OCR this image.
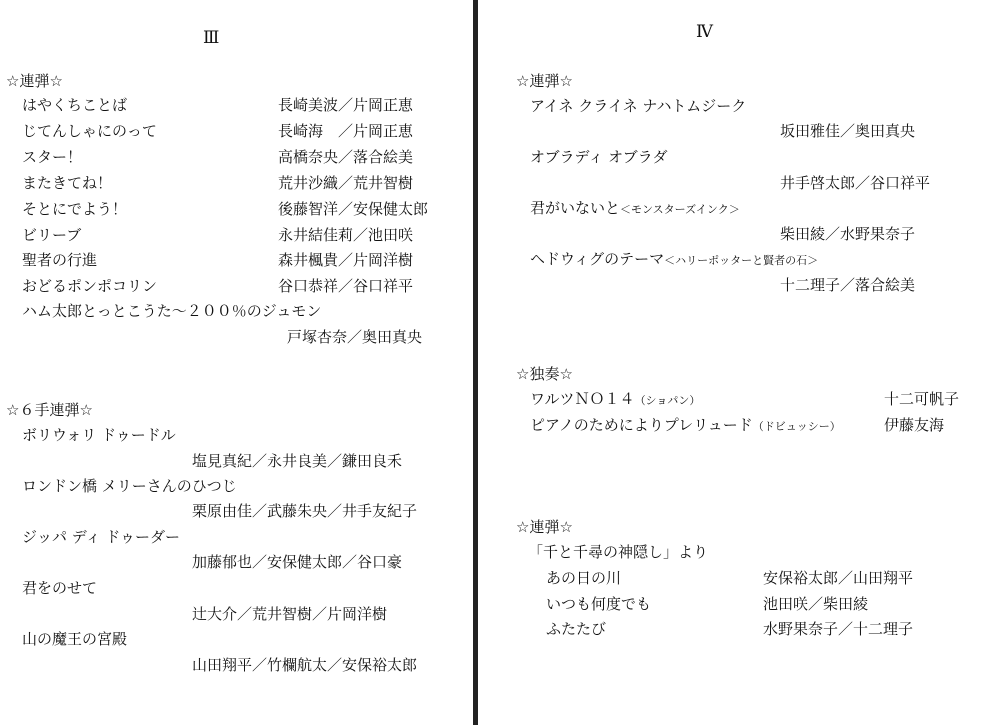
Ⅲ
☆連弾☆
はやくちことば	長崎美波／片岡正恵
じてんしゃにのって	長崎海　／片岡正恵
スター！	高橋奈央／落合絵美
またきてね！	荒井沙織／荒井智樹
そとにでよう！	後藤智洋／安保健太郎
ビリーブ	永井結佳莉／池田咲
聖者の行進	森井楓貴／片岡洋樹
おどるポンポコリン	谷口恭祥／谷口祥平
ハム太郎とっとこうた～２００％のジュモン
戸塚杏奈／奥田真央
☆６手連弾☆
ボリウォリ ドゥードル
塩見真紀／永井良美／鎌田良禾
ロンドン橋 メリーさんのひつじ
栗原由佳／武藤朱央／井手友紀子
ジッパ ディ ドゥーダー
加藤郁也／安保健太郎／谷口豪
君をのせて
辻大介／荒井智樹／片岡洋樹
山の魔王の宮殿
山田翔平／竹欄航太／安保裕太郎
Ⅳ
☆連弾☆
アイネ クライネ ナハトムジーク
坂田雅佳／奥田真央
オブラディ オブラダ
井手啓太郎／谷口祥平
君がいないと＜モンスターズインク＞
柴田綾／水野果奈子
ヘドウィグのテーマ＜ハリーポッターと賢者の石＞
十二理子／落合絵美
☆独奏☆
ワルツＮＯ１４（ショパン）	十二可帆子
ピアノのためによりプレリュード（ドビュッシー）	伊藤友海
☆連弾☆
「千と千尋の神隠し」より
あの日の川	安保裕太郎／山田翔平
いつも何度でも	池田咲／柴田綾
ふたたび	水野果奈子／十二理子
